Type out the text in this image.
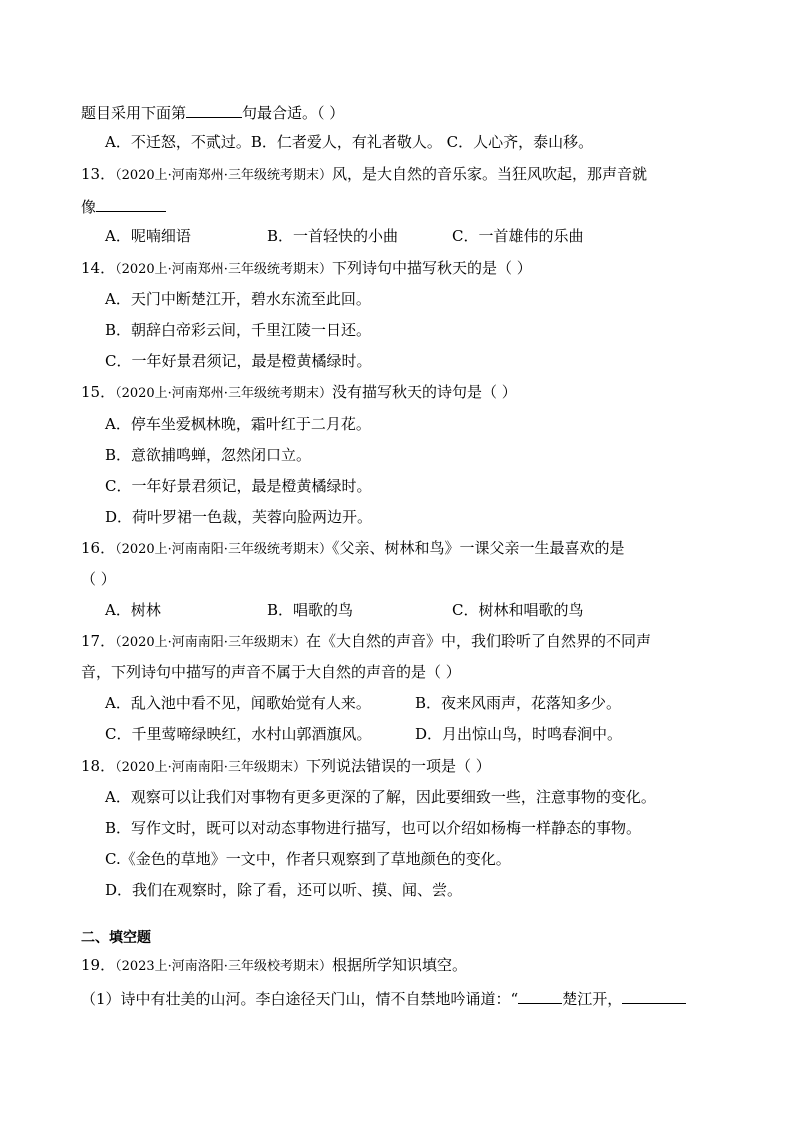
题目采用下面第	句最合适。（ ）
A．不迁怒，不贰过。B．仁者爱人，有礼者敬人。 C．人心齐，泰山移。
13．（2020上·河南郑州·三年级统考期末）风，是大自然的音乐家。当狂风吹起，那声音就
像
A．呢喃细语	B．一首轻快的小曲	C．一首雄伟的乐曲
14．（2020上·河南郑州·三年级统考期末）下列诗句中描写秋天的是（ ）
A．天门中断楚江开，碧水东流至此回。
B．朝辞白帝彩云间，千里江陵一日还。
C．一年好景君须记，最是橙黄橘绿时。
15．（2020上·河南郑州·三年级统考期末）没有描写秋天的诗句是（ ）
A．停车坐爱枫林晚，霜叶红于二月花。
B．意欲捕鸣蝉，忽然闭口立。
C．一年好景君须记，最是橙黄橘绿时。
D．荷叶罗裙一色裁，芙蓉向脸两边开。
16．（2020上·河南南阳·三年级统考期末）《父亲、树林和鸟》一课父亲一生最喜欢的是
（ ）
A．树林	B．唱歌的鸟	C．树林和唱歌的鸟
17．（2020上·河南南阳·三年级期末）在《大自然的声音》中，我们聆听了自然界的不同声
音，下列诗句中描写的声音不属于大自然的声音的是（ ）
A．乱入池中看不见，闻歌始觉有人来。	B．夜来风雨声，花落知多少。
C．千里莺啼绿映红，水村山郭酒旗风。	D．月出惊山鸟，时鸣春涧中。
18．（2020上·河南南阳·三年级期末）下列说法错误的一项是（ ）
A．观察可以让我们对事物有更多更深的了解，因此要细致一些，注意事物的变化。
B．写作文时，既可以对动态事物进行描写，也可以介绍如杨梅一样静态的事物。
C.《金色的草地》一文中，作者只观察到了草地颜色的变化。
D．我们在观察时，除了看，还可以听、摸、闻、尝。
二、填空题
19．（2023上·河南洛阳·三年级校考期末）根据所学知识填空。
（1）诗中有壮美的山河。李白途径天门山，情不自禁地吟诵道：“	楚江开，
